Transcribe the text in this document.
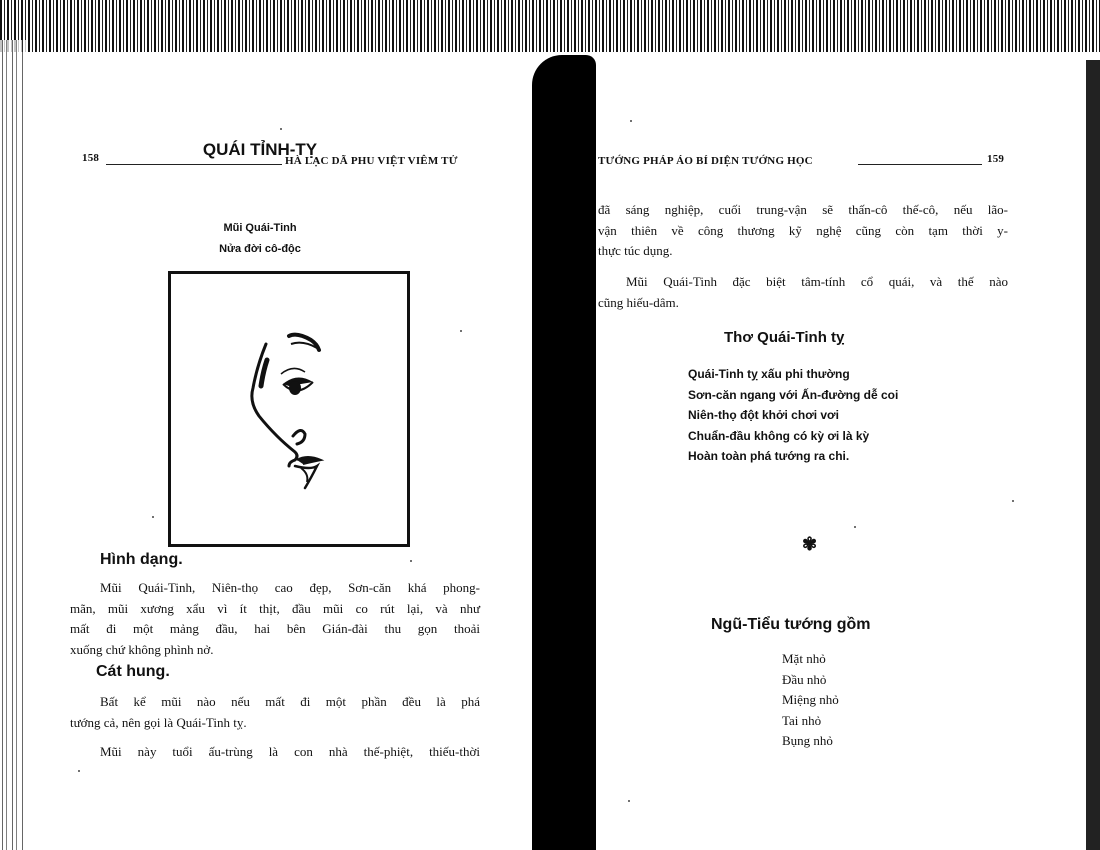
158	HÀ LẠC DÃ PHU VIỆT VIÊM TỬ
QUÁI TỈNH-TỴ
Mũi Quái-Tinh
Nửa đời cô-độc
Hình dạng.
Mũi Quái-Tinh, Niên-thọ cao đẹp, Sơn-căn khá phong-
mãn, mũi xương xẩu vì ít thịt, đầu mũi co rút lại, và như
mất đi một mảng đầu, hai bên Gián-đài thu gọn thoải
xuống chứ không phình nở.
Cát hung.
Bất kể mũi nào nếu mất đi một phần đều là phá
tướng cả, nên gọi là Quái-Tinh tỵ.
Mũi này tuổi ấu-trùng là con nhà thế-phiệt, thiếu-thời
TƯỚNG PHÁP ÁO BÍ DIỆN TƯỚNG HỌC	159
đã sáng nghiệp, cuối trung-vận sẽ thấn-cô thế-cô, nếu lão-
vận thiên về công thương kỹ nghệ cũng còn tạm thời y-
thực túc dụng.
Mũi Quái-Tinh đặc biệt tâm-tính cổ quái, và thế nào
cũng hiếu-dâm.
Thơ Quái-Tinh tỵ
Quái-Tinh tỵ xấu phi thường
Sơn-căn ngang với Ấn-đường dễ coi
Niên-thọ đột khởi chơi vơi
Chuẩn-đầu không có kỳ ơi là kỳ
Hoàn toàn phá tướng ra chi.
✾
Ngũ-Tiểu tướng gồm
Mặt nhỏ
Đầu nhỏ
Miệng nhỏ
Tai nhỏ
Bụng nhỏ
